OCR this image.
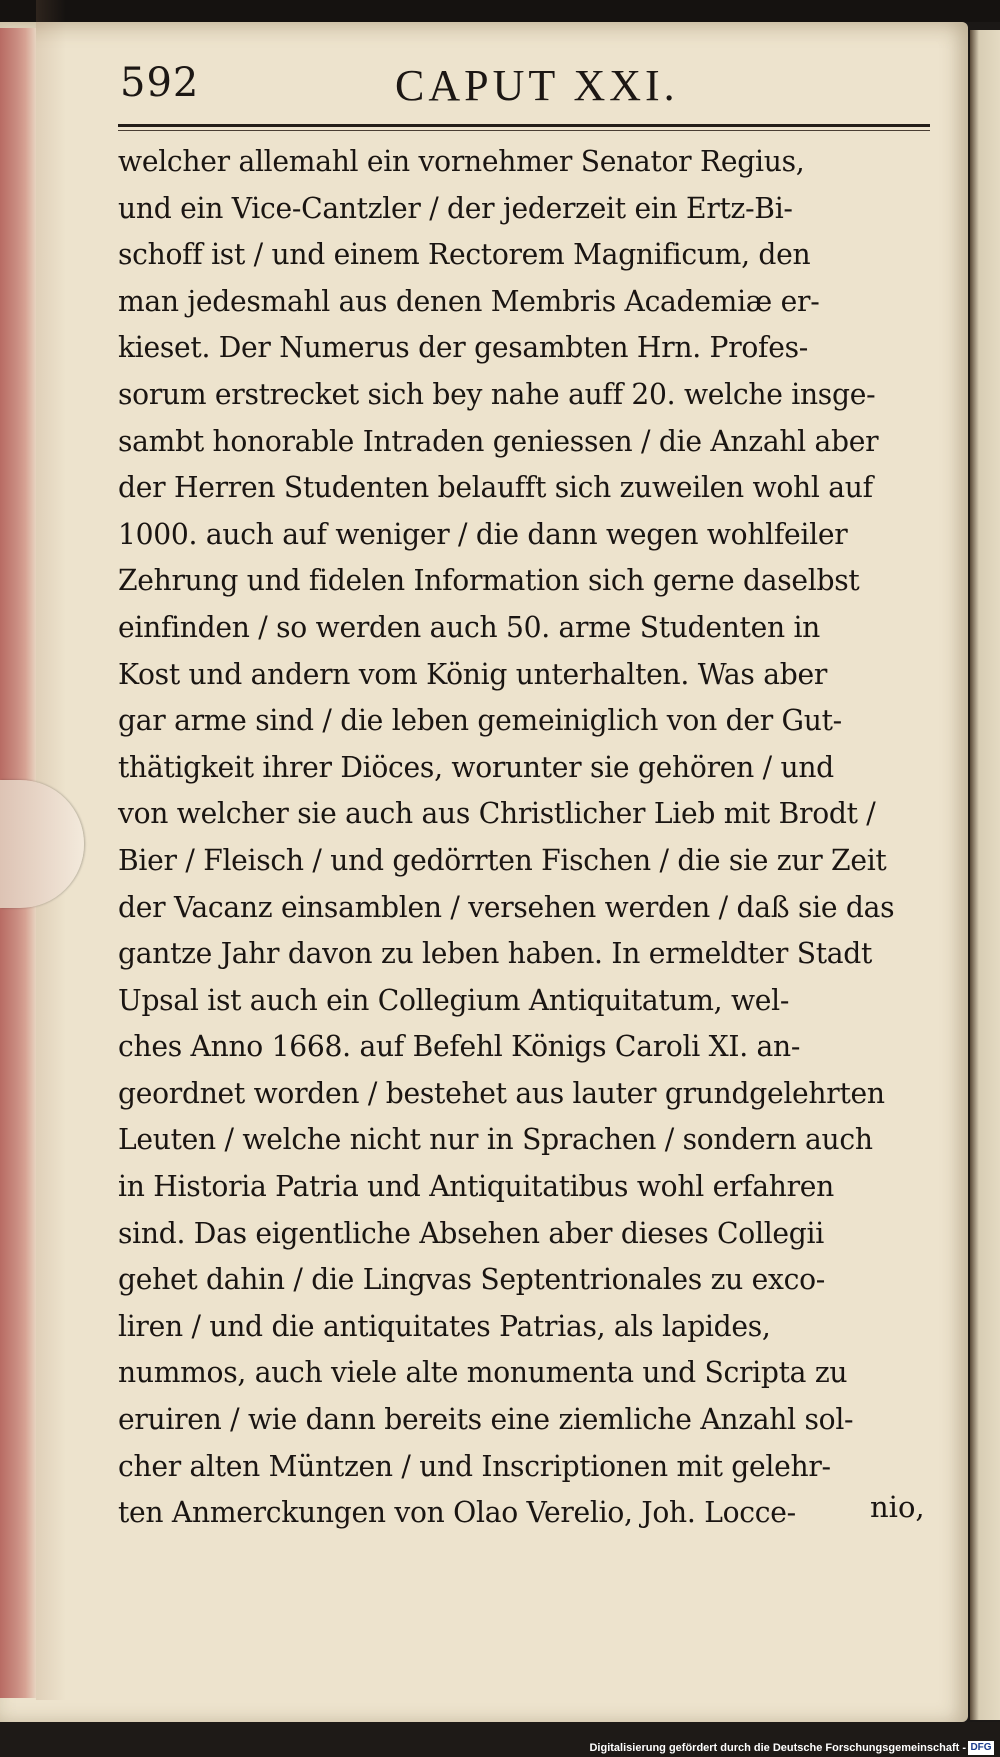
592	CAPUT XXI.
welcher allemahl ein vornehmer Senator Regius,
und ein Vice-Cantzler / der jederzeit ein Ertz-Bi-
schoff ist / und einem Rectorem Magnificum, den
man jedesmahl aus denen Membris Academiæ er-
kieset. Der Numerus der gesambten Hrn. Profes-
sorum erstrecket sich bey nahe auff 20. welche insge-
sambt honorable Intraden geniessen / die Anzahl aber
der Herren Studenten belaufft sich zuweilen wohl auf
1000. auch auf weniger / die dann wegen wohlfeiler
Zehrung und fidelen Information sich gerne daselbst
einfinden / so werden auch 50. arme Studenten in
Kost und andern vom König unterhalten. Was aber
gar arme sind / die leben gemeiniglich von der Gut-
thätigkeit ihrer Diöces, worunter sie gehören / und
von welcher sie auch aus Christlicher Lieb mit Brodt /
Bier / Fleisch / und gedörrten Fischen / die sie zur Zeit
der Vacanz einsamblen / versehen werden / daß sie das
gantze Jahr davon zu leben haben. In ermeldter Stadt
Upsal ist auch ein Collegium Antiquitatum, wel-
ches Anno 1668. auf Befehl Königs Caroli XI. an-
geordnet worden / bestehet aus lauter grundgelehrten
Leuten / welche nicht nur in Sprachen / sondern auch
in Historia Patria und Antiquitatibus wohl erfahren
sind. Das eigentliche Absehen aber dieses Collegii
gehet dahin / die Lingvas Septentrionales zu exco-
liren / und die antiquitates Patrias, als lapides,
nummos, auch viele alte monumenta und Scripta zu
eruiren / wie dann bereits eine ziemliche Anzahl sol-
cher alten Müntzen / und Inscriptionen mit gelehr-
ten Anmerckungen von Olao Verelio, Joh. Locce-	nio,
Digitalisierung gefördert durch die Deutsche Forschungsgemeinschaft - DFG
